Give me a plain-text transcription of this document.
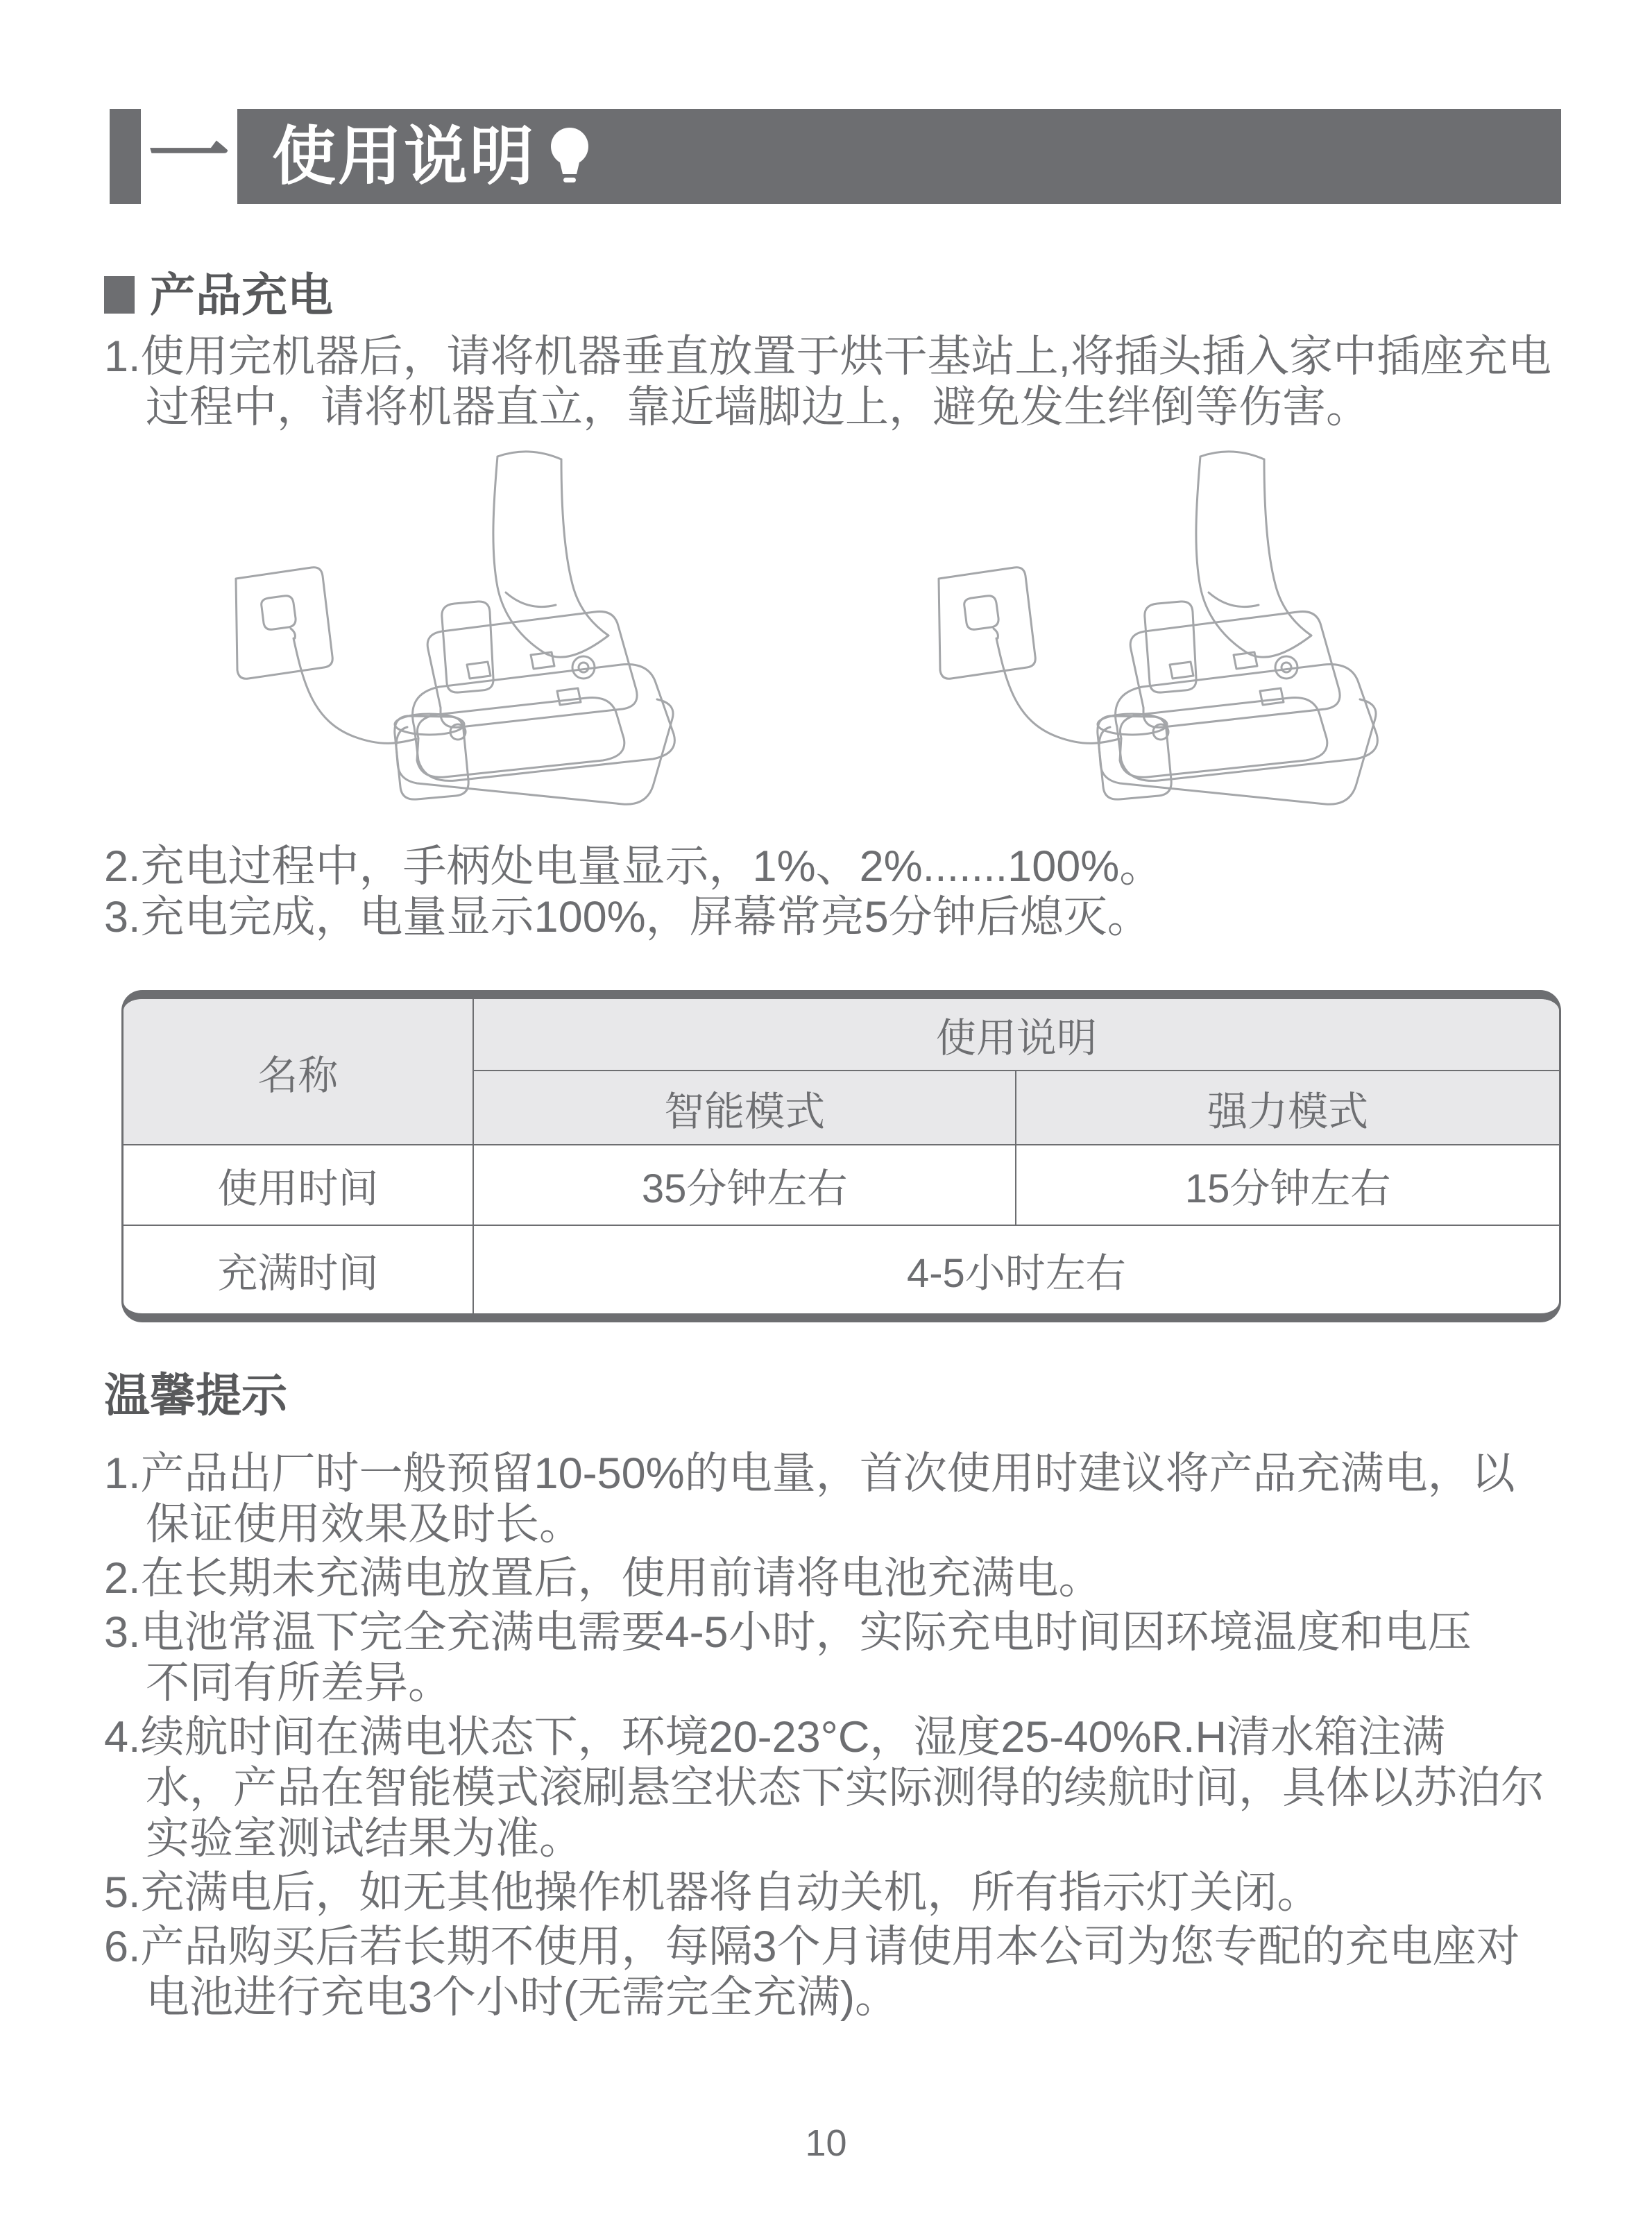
一 使用说明
产品充电
1.使用完机器后，请将机器垂直放置于烘干基站上,将插头插入家中插座充电
过程中，请将机器直立，靠近墙脚边上，避免发生绊倒等伤害。
2.充电过程中，手柄处电量显示，1%、2%.......100%。
3.充电完成，电量显示100%，屏幕常亮5分钟后熄灭。
名称	使用说明	
	智能模式	强力模式
使用时间	35分钟左右	15分钟左右
充满时间	4-5小时左右	
温馨提示
1.产品出厂时一般预留10-50%的电量，首次使用时建议将产品充满电，以
保证使用效果及时长。
2.在长期未充满电放置后，使用前请将电池充满电。
3.电池常温下完全充满电需要4-5小时，实际充电时间因环境温度和电压
不同有所差异。
4.续航时间在满电状态下，环境20-23°C，湿度25-40%R.H清水箱注满
水，产品在智能模式滚刷悬空状态下实际测得的续航时间，具体以苏泊尔
实验室测试结果为准。
5.充满电后，如无其他操作机器将自动关机，所有指示灯关闭。
6.产品购买后若长期不使用，每隔3个月请使用本公司为您专配的充电座对
电池进行充电3个小时(无需完全充满)。
10
